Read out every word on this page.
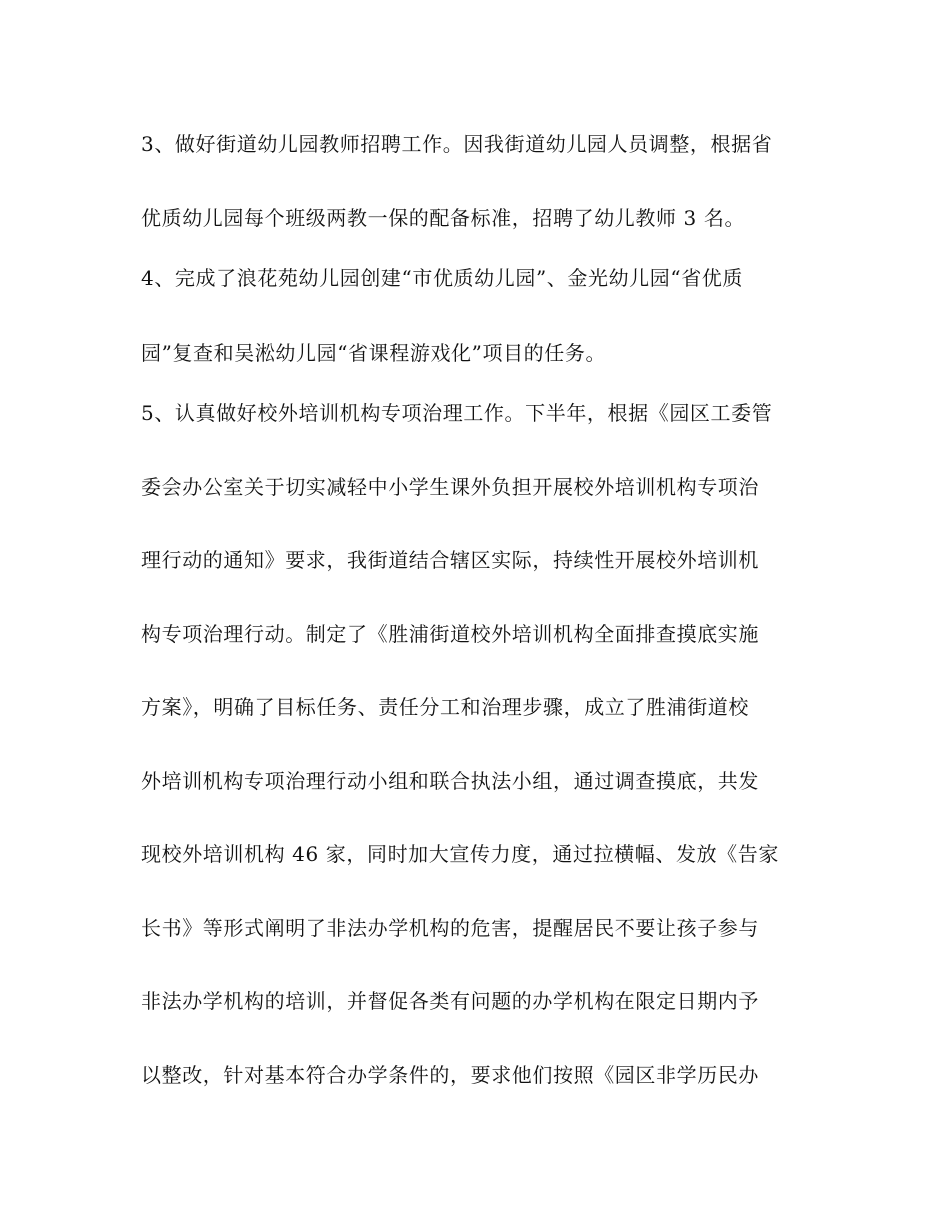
3、做好街道幼儿园教师招聘工作。因我街道幼儿园人员调整，根据省
优质幼儿园每个班级两教一保的配备标准，招聘了幼儿教师 3 名。
4、完成了浪花苑幼儿园创建“市优质幼儿园”、金光幼儿园“省优质
园”复查和吴淞幼儿园“省课程游戏化”项目的任务。
5、认真做好校外培训机构专项治理工作。下半年，根据《园区工委管
委会办公室关于切实减轻中小学生课外负担开展校外培训机构专项治
理行动的通知》要求，我街道结合辖区实际，持续性开展校外培训机
构专项治理行动。制定了《胜浦街道校外培训机构全面排查摸底实施
方案》，明确了目标任务、责任分工和治理步骤，成立了胜浦街道校
外培训机构专项治理行动小组和联合执法小组，通过调查摸底，共发
现校外培训机构 46 家，同时加大宣传力度，通过拉横幅、发放《告家
长书》等形式阐明了非法办学机构的危害，提醒居民不要让孩子参与
非法办学机构的培训，并督促各类有问题的办学机构在限定日期内予
以整改，针对基本符合办学条件的，要求他们按照《园区非学历民办
